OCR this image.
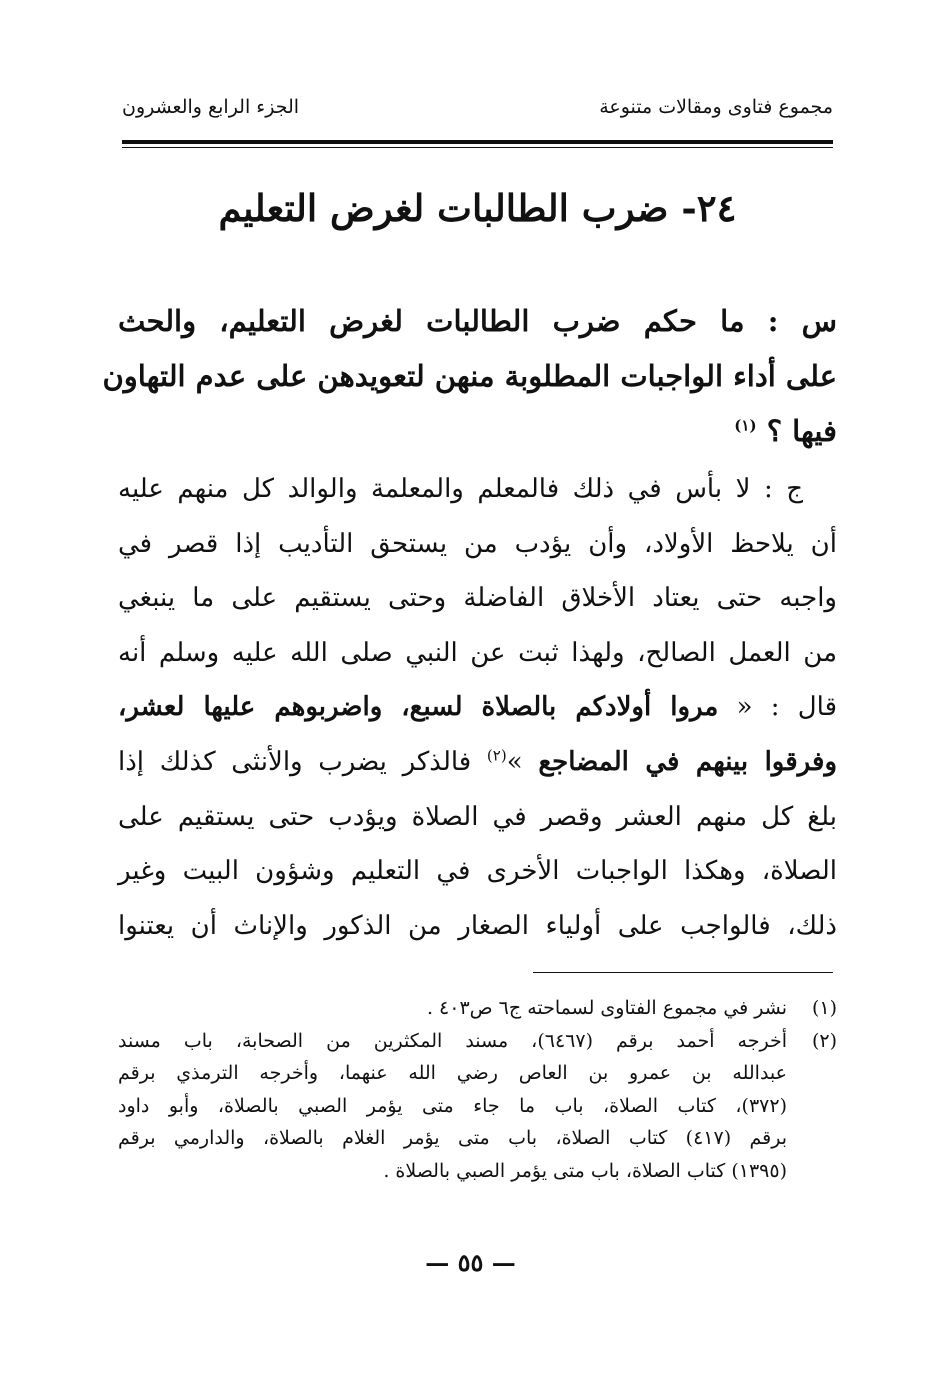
مجموع فتاوى ومقالات متنوعة
الجزء الرابع والعشرون
٢٤- ضرب الطالبات لغرض التعليم
س : ما حكم ضرب الطالبات لغرض التعليم، والحث
على أداء الواجبات المطلوبة منهن لتعويدهن على عدم التهاون
فيها ؟ $^{(١)}$
ج : لا بأس في ذلك فالمعلم والمعلمة والوالد كل منهم عليه
أن يلاحظ الأولاد، وأن يؤدب من يستحق التأديب إذا قصر في
واجبه حتى يعتاد الأخلاق الفاضلة وحتى يستقيم على ما ينبغي
من العمل الصالح، ولهذا ثبت عن النبي صلى الله عليه وسلم أنه
قال : « مروا أولادكم بالصلاة لسبع، واضربوهم عليها لعشر،
وفرقوا بينهم في المضاجع »$^{(٢)}$ فالذكر يضرب والأنثى كذلك إذا
بلغ كل منهم العشر وقصر في الصلاة ويؤدب حتى يستقيم على
الصلاة، وهكذا الواجبات الأخرى في التعليم وشؤون البيت وغير
ذلك، فالواجب على أولياء الصغار من الذكور والإناث أن يعتنوا
(١)
نشر في مجموع الفتاوى لسماحته ج٦ ص٤٠٣ .
(٢)
أخرجه أحمد برقم (٦٤٦٧)، مسند المكثرين من الصحابة، باب مسند
عبدالله بن عمرو بن العاص رضي الله عنهما، وأخرجه الترمذي برقم
(٣٧٢)، كتاب الصلاة، باب ما جاء متى يؤمر الصبي بالصلاة، وأبو داود
برقم (٤١٧) كتاب الصلاة، باب متى يؤمر الغلام بالصلاة، والدارمي برقم
(١٣٩٥) كتاب الصلاة، باب متى يؤمر الصبي بالصلاة .
— ٥٥ —
